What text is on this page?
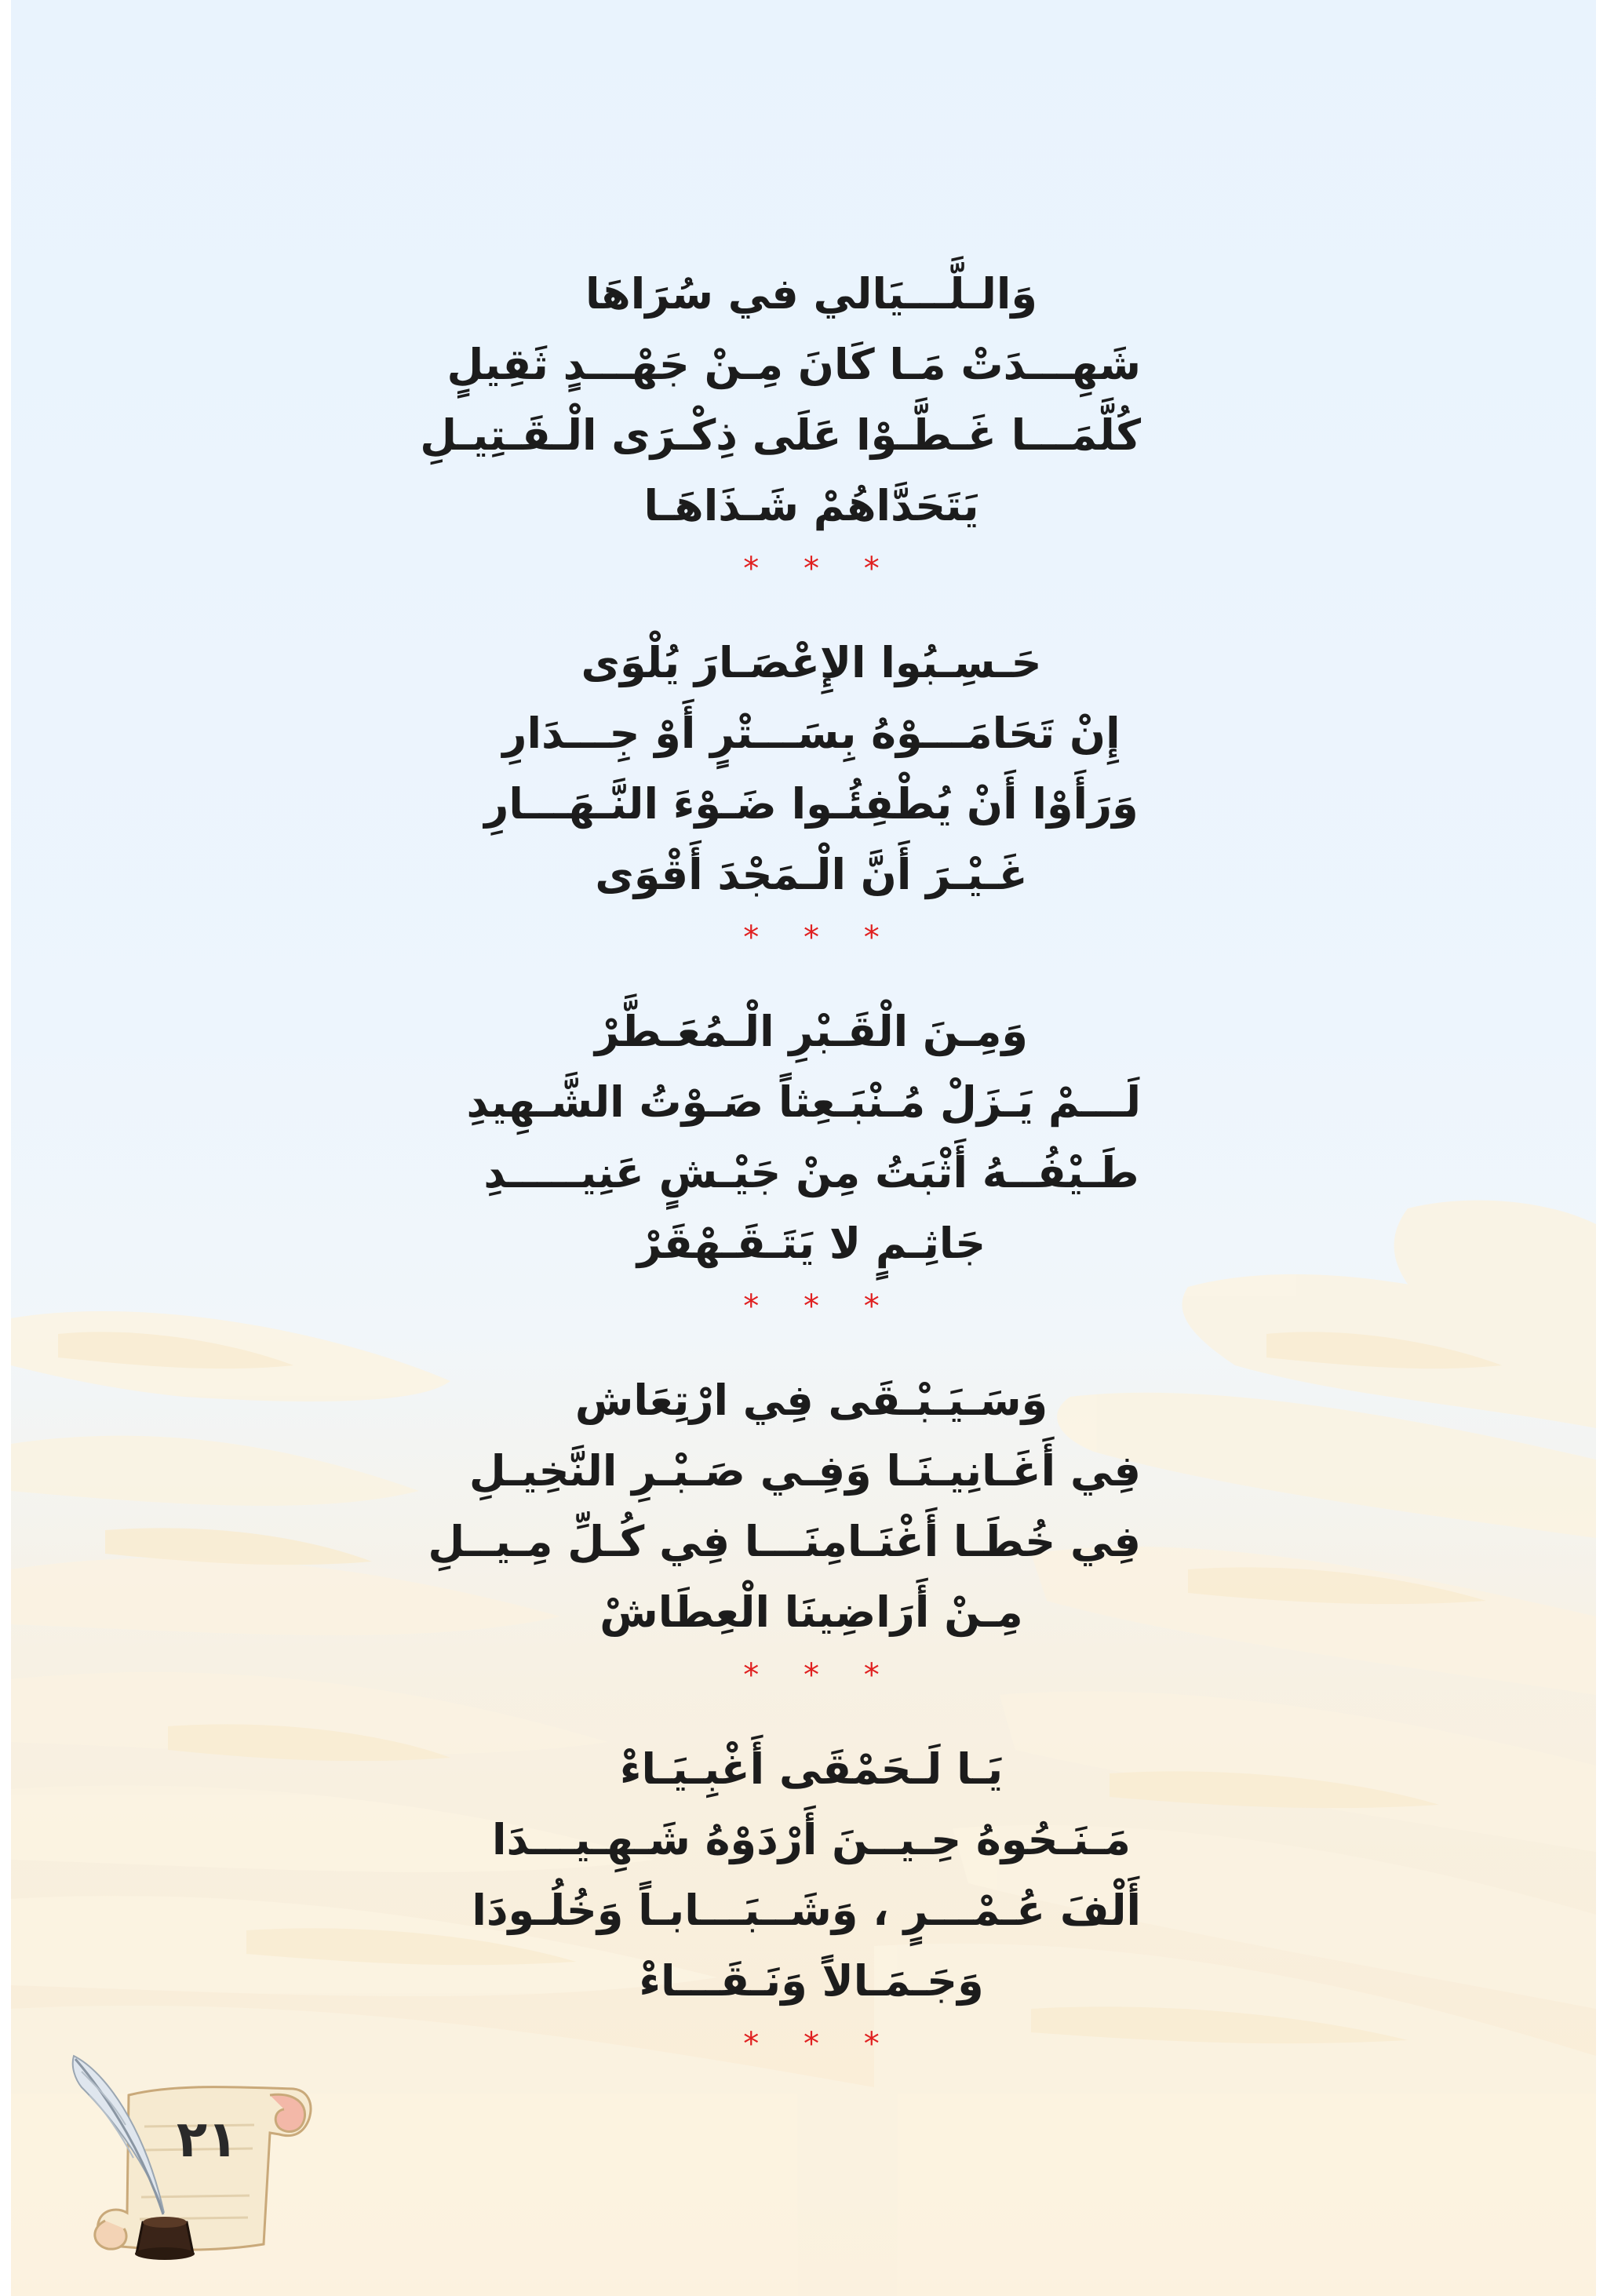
وَالـلَّـــيَالي في سُرَاهَا
شَهِـــدَتْ مَـا كَانَ مِـنْ جَهْـــدٍ ثَقِيلٍ
كُلَّمَـــا غَـطَّـوْا عَلَى ذِكْـرَى الْـقَـتِيـلِ
يَتَحَدَّاهُمْ شَـذَاهَـا
* * *
حَـسِـبُوا الإِعْصَـارَ يُلْوَى
إِنْ تَحَامَـــوْهُ بِسَـــتْرٍ أَوْ جِـــدَارِ
وَرَأَوْا أَنْ يُطْفِئُـوا ضَـوْءَ النَّـهَـــارِ
غَـيْـرَ أَنَّ الْـمَجْدَ أَقْوَى
* * *
وَمِـنَ الْقَـبْرِ الْـمُعَـطَّرْ
لَـــمْ يَـزَلْ مُـنْبَـعِثاً صَـوْتُ الشَّـهِيدِ
طَـيْفُــهُ أَثْبَتُ مِنْ جَيْـشٍ عَنِيـــــدِ
جَاثِـمٍ لا يَتَـقَـهْقَرْ
* * *
وَسَـيَـبْـقَى فِي ارْتِعَاش
فِي أَغَـانِيـنَـا وَفِـي صَـبْـرِ النَّخِيـلِ
فِي خُطَـا أَغْنَـامِنَـــا فِي كُـلِّ مِـيــلِ
مِـنْ أَرَاضِينَا الْعِطَاشْ
* * *
يَـا لَـحَمْقَى أَغْبِـيَـاءْ
مَـنَـحُوهُ حِـيــنَ أَرْدَوْهُ شَـهِـيـــدَا
أَلْفَ عُـمْـــرٍ ، وَشَــبَـــابـاً وَخُلُـودَا
وَجَـمَـالاً وَنَـقَـــاءْ
* * *
٢١
